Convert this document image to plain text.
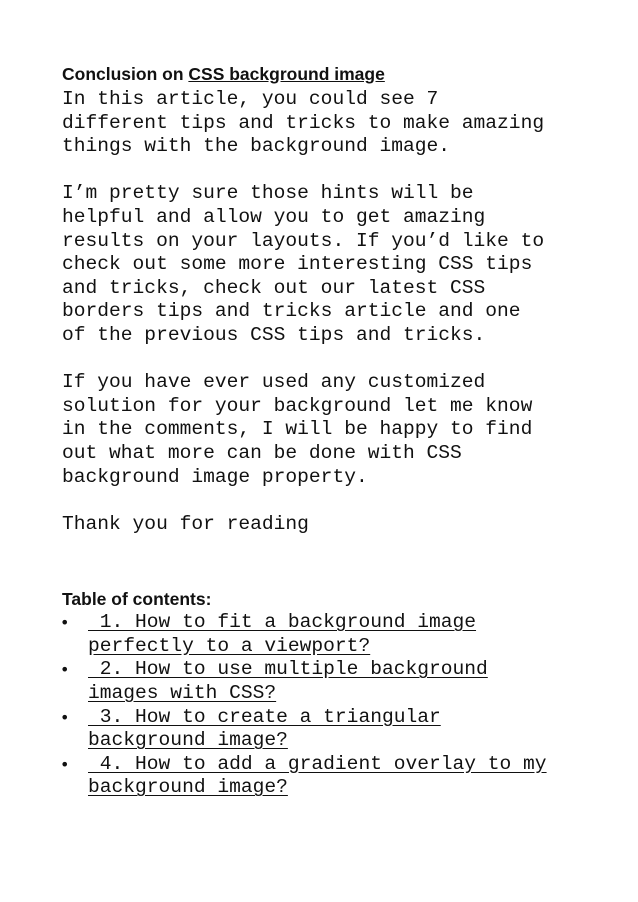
Conclusion on CSS background image
In this article, you could see 7
different tips and tricks to make amazing
things with the background image.
I’m pretty sure those hints will be
helpful and allow you to get amazing
results on your layouts. If you’d like to
check out some more interesting CSS tips
and tricks, check out our latest CSS
borders tips and tricks article and one
of the previous CSS tips and tricks.
If you have ever used any customized
solution for your background let me know
in the comments, I will be happy to find
out what more can be done with CSS
background image property.
Thank you for reading
Table of contents:
• 1. How to fit a background image
perfectly to a viewport?
• 2. How to use multiple background
images with CSS?
• 3. How to create a triangular
background image?
• 4. How to add a gradient overlay to my
background image?
